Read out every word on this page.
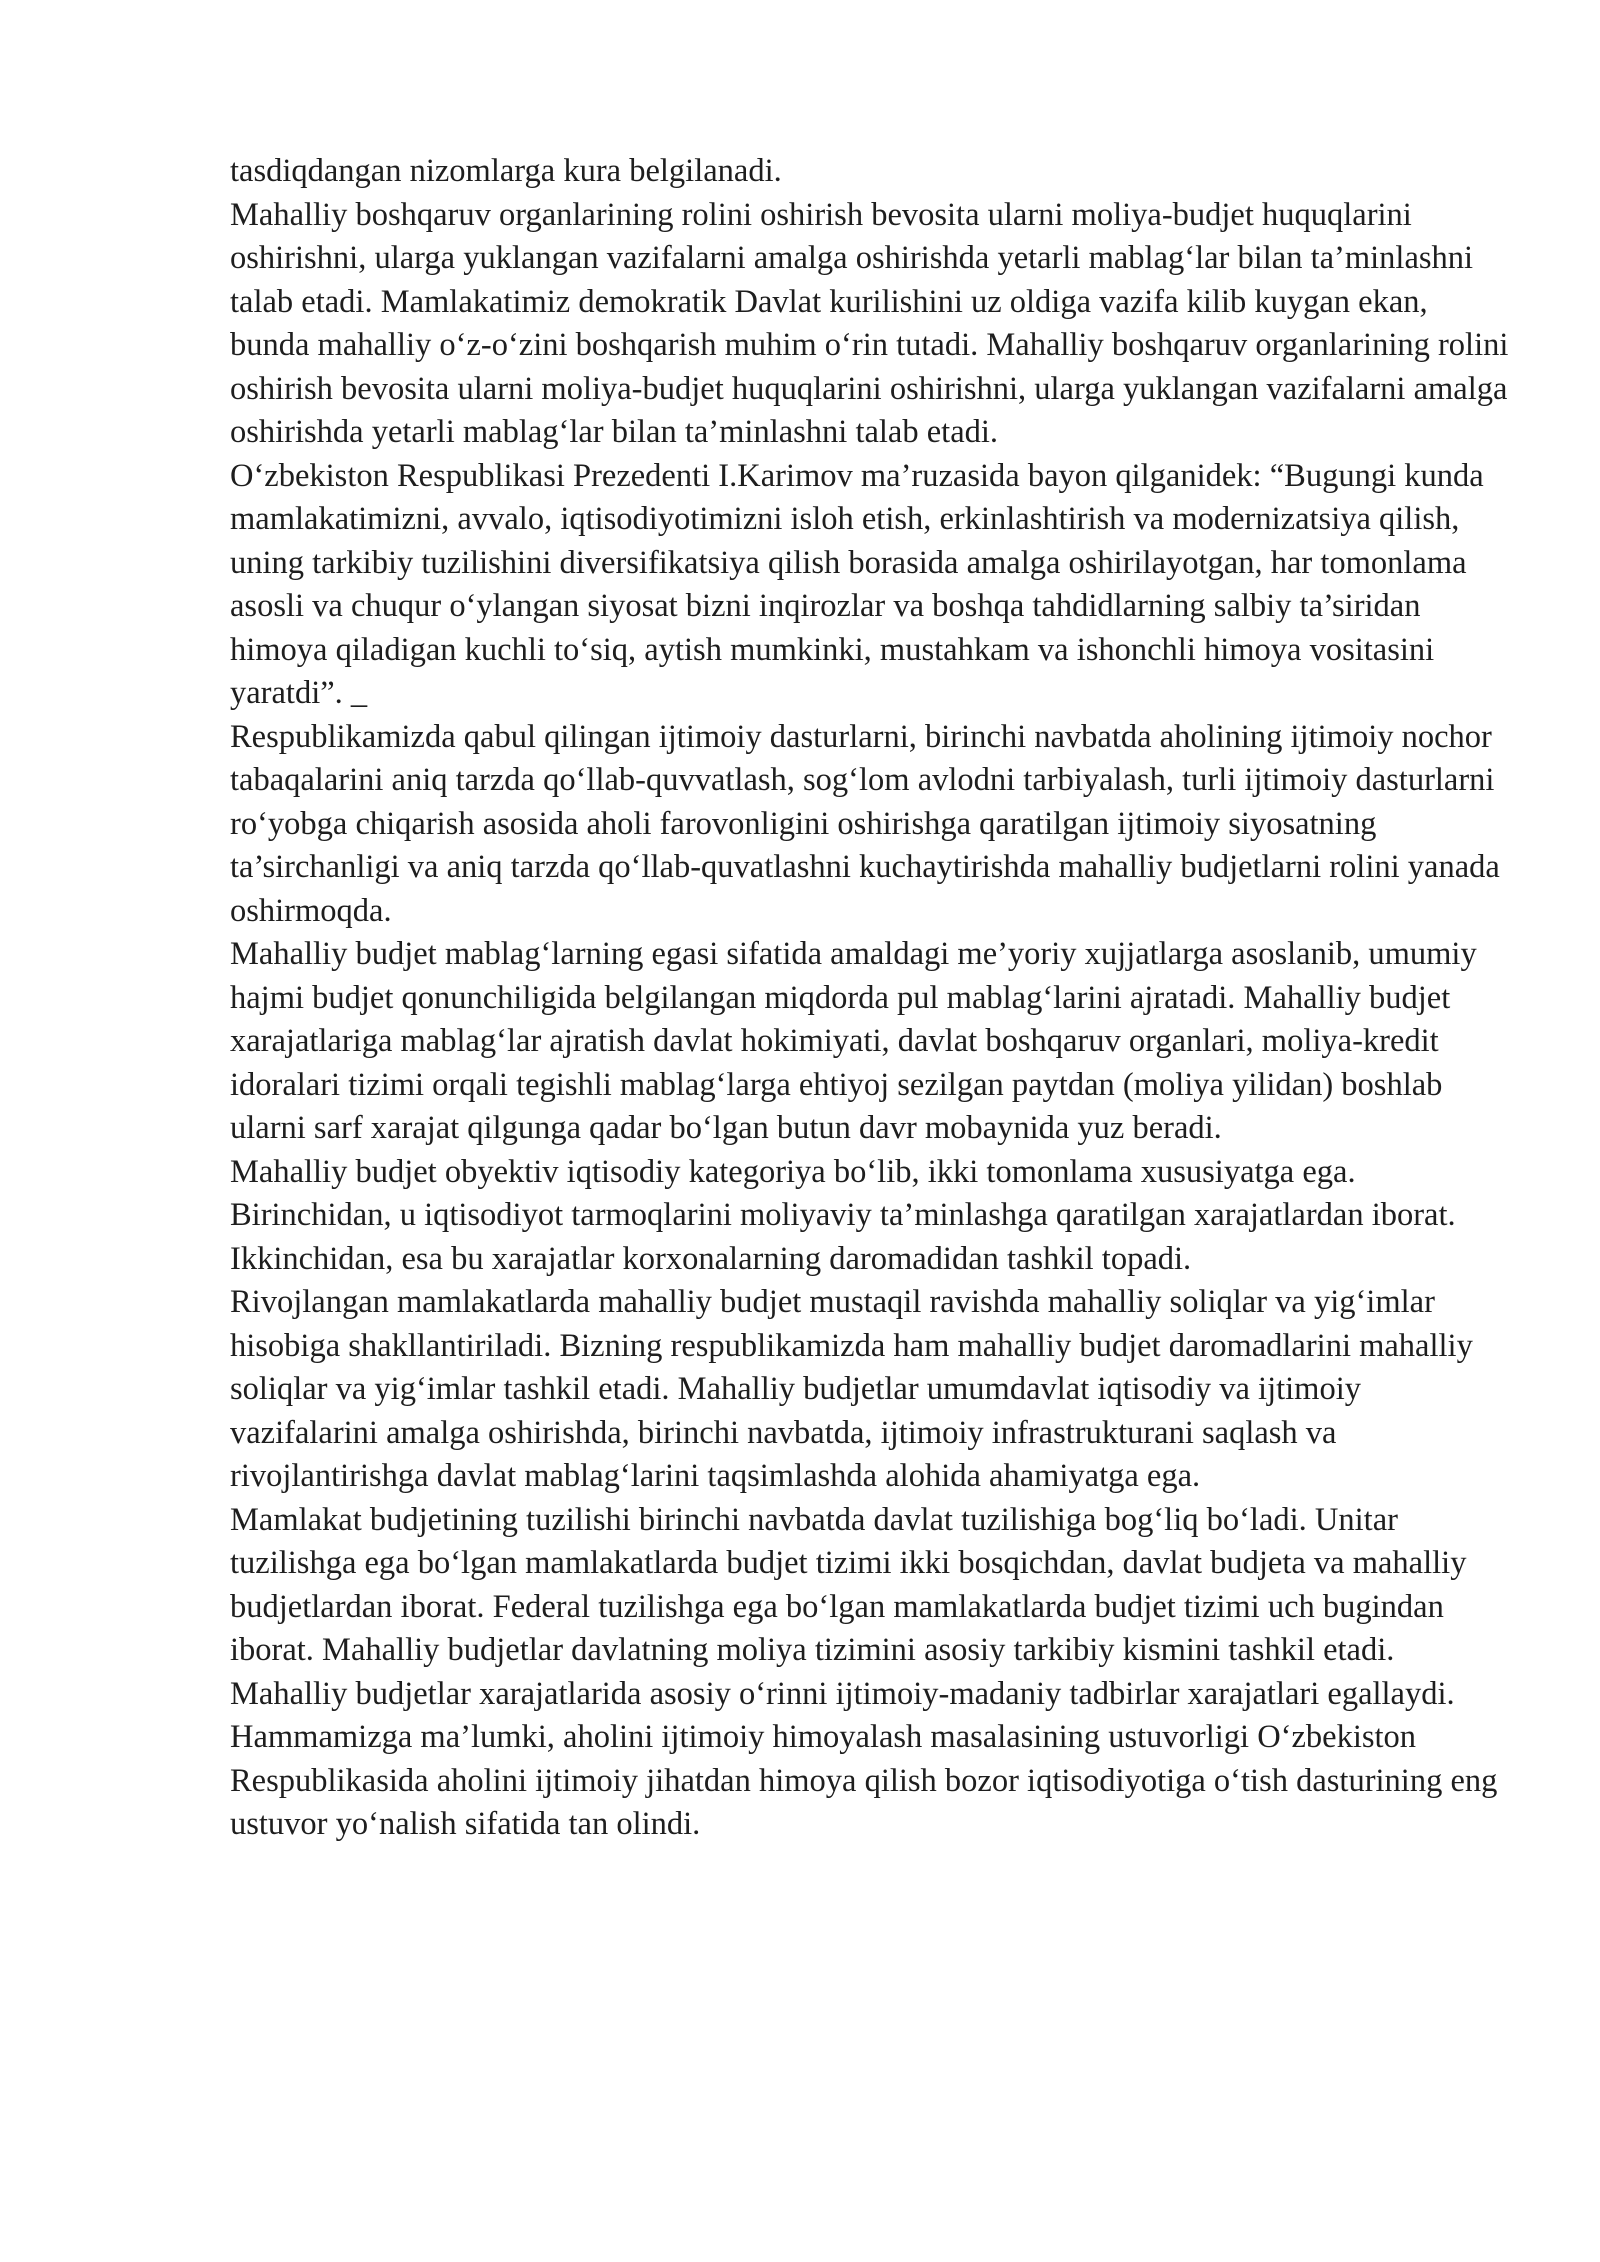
tasdiqdangan nizomlarga kura belgilanadi.

Mahalliy boshqaruv organlarining rolini oshirish bevosita ularni moliya-budjet huquqlarini oshirishni, ularga yuklangan vazifalarni amalga oshirishda yetarli mablag‘lar bilan ta’minlashni talab etadi. Mamlakatimiz demokratik Davlat kurilishini uz oldiga vazifa kilib kuygan ekan, bunda mahalliy o‘z-o‘zini boshqarish muhim o‘rin tutadi. Mahalliy boshqaruv organlarining rolini oshirish bevosita ularni moliya-budjet huquqlarini oshirishni, ularga yuklangan vazifalarni amalga oshirishda yetarli mablag‘lar bilan ta’minlashni talab etadi.

O‘zbekiston Respublikasi Prezedenti I.Karimov ma’ruzasida bayon qilganidek: “Bugungi kunda mamlakatimizni, avvalo, iqtisodiyotimizni isloh etish, erkinlashtirish va modernizatsiya qilish, uning tarkibiy tuzilishini diversifikatsiya qilish borasida amalga oshirilayotgan, har tomonlama asosli va chuqur o‘ylangan siyosat bizni inqirozlar va boshqa tahdidlarning salbiy ta’siridan himoya qiladigan kuchli to‘siq, aytish mumkinki, mustahkam va ishonchli himoya vositasini yaratdi”. _

Respublikamizda qabul qilingan ijtimoiy dasturlarni, birinchi navbatda aholining ijtimoiy nochor tabaqalarini aniq tarzda qo‘llab-quvvatlash, sog‘lom avlodni tarbiyalash, turli ijtimoiy dasturlarni ro‘yobga chiqarish asosida aholi farovonligini oshirishga qaratilgan ijtimoiy siyosatning ta’sirchanligi va aniq tarzda qo‘llab-quvatlashni kuchaytirishda mahalliy budjetlarni rolini yanada oshirmoqda.

Mahalliy budjet mablag‘larning egasi sifatida amaldagi me’yoriy xujjatlarga asoslanib, umumiy hajmi budjet qonunchiligida belgilangan miqdorda pul mablag‘larini ajratadi. Mahalliy budjet xarajatlariga mablag‘lar ajratish davlat hokimiyati, davlat boshqaruv organlari, moliya-kredit idoralari tizimi orqali tegishli mablag‘larga ehtiyoj sezilgan paytdan (moliya yilidan) boshlab ularni sarf xarajat qilgunga qadar bo‘lgan butun davr mobaynida yuz beradi.

Mahalliy budjet obyektiv iqtisodiy kategoriya bo‘lib, ikki tomonlama xususiyatga ega. Birinchidan, u iqtisodiyot tarmoqlarini moliyaviy ta’minlashga qaratilgan xarajatlardan iborat. Ikkinchidan, esa bu xarajatlar korxonalarning daromadidan tashkil topadi.

Rivojlangan mamlakatlarda mahalliy budjet mustaqil ravishda mahalliy soliqlar va yig‘imlar hisobiga shakllantiriladi. Bizning respublikamizda ham mahalliy budjet daromadlarini mahalliy soliqlar va yig‘imlar tashkil etadi. Mahalliy budjetlar umumdavlat iqtisodiy va ijtimoiy vazifalarini amalga oshirishda, birinchi navbatda, ijtimoiy infrastrukturani saqlash va rivojlantirishga davlat mablag‘larini taqsimlashda alohida ahamiyatga ega.

Mamlakat budjetining tuzilishi birinchi navbatda davlat tuzilishiga bog‘liq bo‘ladi. Unitar tuzilishga ega bo‘lgan mamlakatlarda budjet tizimi ikki bosqichdan, davlat budjeta va mahalliy budjetlardan iborat. Federal tuzilishga ega bo‘lgan mamlakatlarda budjet tizimi uch bugindan iborat. Mahalliy budjetlar davlatning moliya tizimini asosiy tarkibiy kismini tashkil etadi. Mahalliy budjetlar xarajatlarida asosiy o‘rinni ijtimoiy-madaniy tadbirlar xarajatlari egallaydi.

Hammamizga ma’lumki, aholini ijtimoiy himoyalash masalasining ustuvorligi O‘zbekiston Respublikasida aholini ijtimoiy jihatdan himoya qilish bozor iqtisodiyotiga o‘tish dasturining eng ustuvor yo‘nalish sifatida tan olindi.
